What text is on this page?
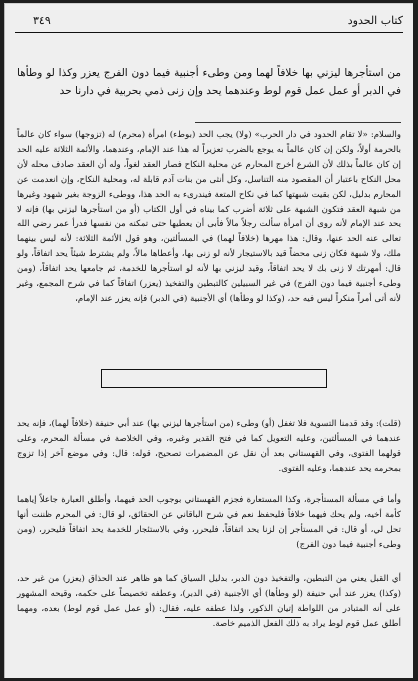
كتاب الحدود
٣٤٩
من استأجرها ليزني بها خلافاً لهما ومن وطىء أجنبية فيما دون الفرج يعزر وكذا لو وطأها في الدبر أو عمل عمل قوم لوط وعندهما يحد وإن زنى ذمي بحربية في دارنا حد
والسلام: «لا تقام الحدود في دار الحرب» (ولا) يجب الحد (بوطء) امرأة (محرم) له (تزوجها) سواء كان عالماً بالحرمة أولاً، ولكن إن كان عالماً به يوجع بالضرب تعزيراً له هذا عند الإمام، وعندهما، والأئمة الثلاثة عليه الحد إن كان عالماً بذلك لأن الشرع أخرج المحارم عن محلية النكاح فصار العقد لغواً، وله أن العقد صادف محله لأن محل النكاح باعتبار أن المقصود منه التناسل، وكل أنثى من بنات آدم قابلة له، ومحلية النكاح، وإن انعدمت عن المحارم بدليل، لكن بقيت شبهتها كما في نكاح المتعة فيندرىء به الحد هذا، ووطىء الزوجة بغير شهود وغيرها من شبهة العقد فتكون الشبهة على ثلاثة أضرب كما بيناه في أول الكتاب (أو من استأجرها ليزني بها) فإنه لا يحد عند الإمام لأنه روى أن امرأة سألت رجلاً مالاً فأبى أن يعطيها حتى تمكنه من نفسها فدرأ عمر رضي الله تعالى عنه الحد عنها، وقال: هذا مهرها (خلافاً لهما) في المسألتين، وهو قول الأئمة الثلاثة: لأنه ليس بينهما ملك، ولا شبهة فكان زنى محضاً قيد بالاستيجار لأنه لو زنى بها، وأعطاها مالاً، ولم يشترط شيئاً يحد اتفاقاً، ولو قال: أمهرتك لا زنى بك لا يحد اتفاقاً، وقيد ليزني بها لأنه لو استأجرها للخدمة، ثم جامعها يحد اتفاقاً، (ومن وطىء أجنبية فيما دون الفرج) في غير السبيلين كالتبطين والتفخيذ (يعزر) اتفاقاً كما في شرح المجمع، وغير لأنه أتى أمراً منكراً ليس فيه حد، (وكذا لو وطأها) أي الأجنبية (في الدبر) فإنه يعزر عند الإمام،
(قلت): وقد قدمنا التسوية فلا تغفل (أو) وطىء (من استأجرها ليزني بها) عند أبي حنيفة (خلافاً لهما)، فإنه يحد عندهما في المسألتين، وعليه التعويل كما في فتح القدير وغيره، وفي الخلاصة في مسألة المحرم، وعلى قولهما الفتوى، وفي القهستاني بعد أن نقل عن المضمرات تصحيح، قوله: قال: وفي موضع آخر إذا تزوج بمحرمه يحد عندهما، وعليه الفتوى.
وأما في مسألة المستأجرة، وكذا المستعارة فجزم القهستاني بوجوب الحد فيهما، وأطلق العبارة جاعلاً إياهما كأمة أخيه، ولم يحك فيهما خلافاً فليحفظ نعم في شرح الباقاني عن الحقائق، لو قال: في المحرم ظننت أنها تحل لي، أو قال: في المستأجر إن لزنا يحد اتفاقاً، فليحرر، وفي بالاستئجار للخدمة يحد اتفاقاً فليحرر، (ومن وطىء أجنبية فيما دون الفرج)
أي القبل يعني من التبطين، والتفخيذ دون الدبر، بدليل السياق كما هو ظاهر عند الحذاق (يعزر) من غير حد، (وكذا) يعزر عند أبي حنيفة (لو وطأها) أي الأجنبية (في الدبر)، وعطفه تخصيصاً على حكمه، وقيحه المشهور على أنه المتبادر من اللواطة إتيان الذكور، ولذا عطفه عليه، فقال: (أو عمل عمل قوم لوط) بعده، ومهما أطلق عمل قوم لوط يراد به ذلك الفعل الذميم خاصة.
